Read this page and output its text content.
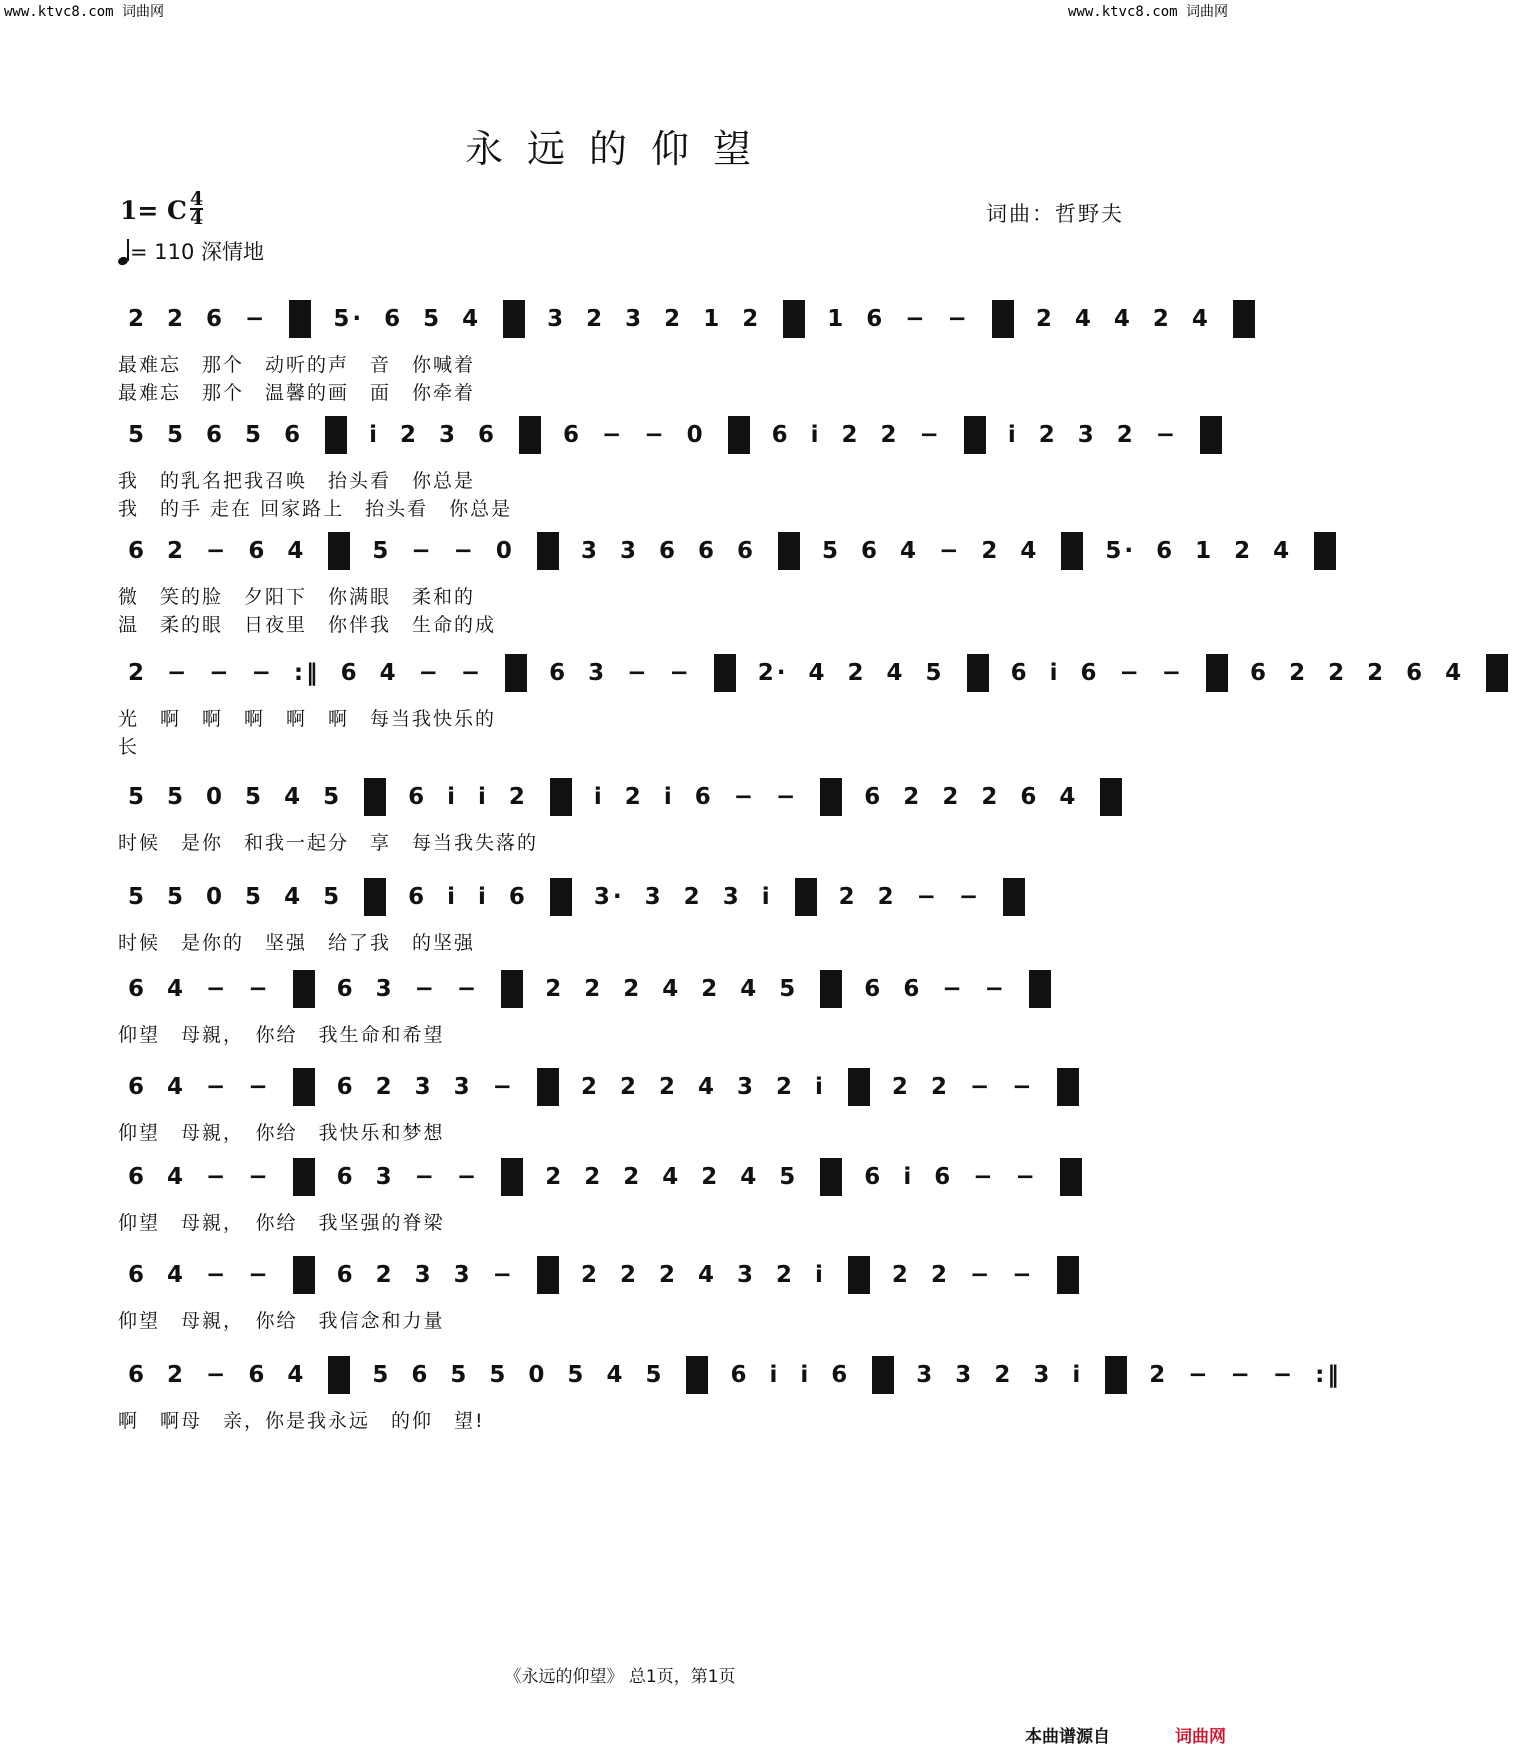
www.ktvc8.com 词曲网	www.ktvc8.com 词曲网
永远的仰望
1= C 4
4
= 110 深情地
词曲：哲野夫
2 2 6 −	5· 6 5 4	3 2 3 2 1 2	1 6 − −	2 4 4 2 4
最难忘　那个　动听的声　音　你喊着
最难忘　那个　温馨的画　面　你牵着
5 5 6 5 6	i 2 3 6	6 − − 0	6 i 2 2 −	i 2 3 2 −
我　的乳名把我召唤　抬头看　你总是
我　的手 走在 回家路上　抬头看　你总是
6 2 − 6 4	5 − − 0	3 3 6 6 6	5 6 4 − 2 4	5· 6 1 2 4
微　笑的脸　夕阳下　你满眼　柔和的
温　柔的眼　日夜里　你伴我　生命的成
2 − − − :‖ 6 4 − −	6 3 − −	2· 4 2 4 5	6 i 6 − −	6 2 2 2 6 4
光　啊　啊　啊　啊　啊　每当我快乐的
长
5 5 0 5 4 5	6 i i 2	i 2 i 6 − −	6 2 2 2 6 4
时候　是你　和我一起分　享　每当我失落的
5 5 0 5 4 5	6 i i 6	3· 3 2 3 i	2 2 − −
时候　是你的　坚强　给了我　的坚强
6 4 − −	6 3 − −	2 2 2 4 2 4 5	6 6 − −
仰望　母親，　你给　我生命和希望
6 4 − −	6 2 3 3 −	2 2 2 4 3 2 i	2 2 − −
仰望　母親，　你给　我快乐和梦想
6 4 − −	6 3 − −	2 2 2 4 2 4 5	6 i 6 − −
仰望　母親，　你给　我坚强的脊梁
6 4 − −	6 2 3 3 −	2 2 2 4 3 2 i	2 2 − −
仰望　母親，　你给　我信念和力量
6 2 − 6 4	5 6 5 5 0 5 4 5	6 i i 6	3 3 2 3 i	2 − − − :‖
啊　啊母　亲，你是我永远　的仰　望!
《永远的仰望》 总1页，第1页
本曲谱源自	词曲网
